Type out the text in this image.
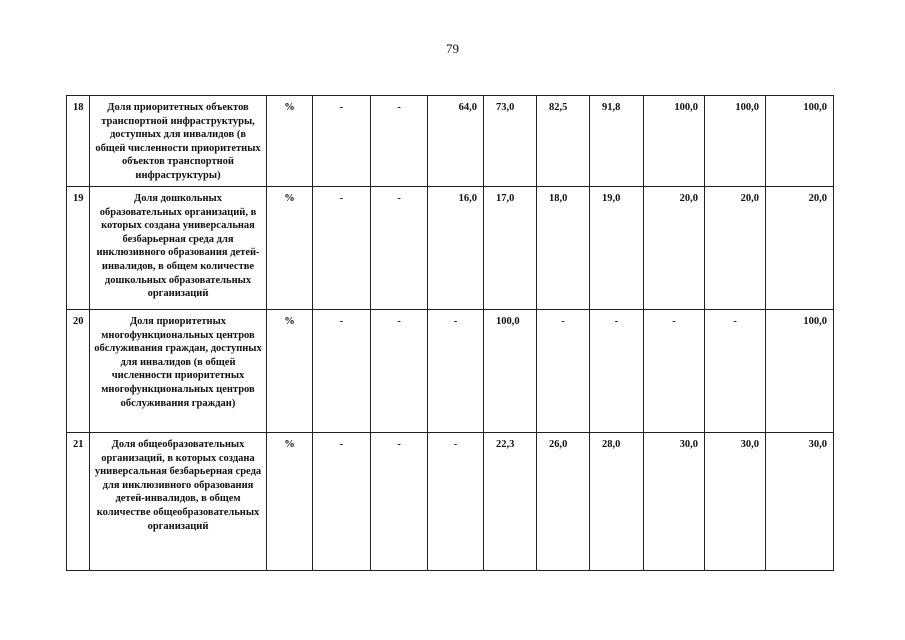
79
18	Доля приоритетных объектов транспортной инфраструктуры, доступных для инвалидов (в общей численности приоритетных объектов транспортной инфраструктуры)	%	-	-	64,0	73,0	82,5	91,8	100,0	100,0	100,0
19	Доля дошкольных образовательных организаций, в которых создана универсальная безбарьерная среда для инклюзивного образования детей-инвалидов, в общем количестве дошкольных образовательных организаций	%	-	-	16,0	17,0	18,0	19,0	20,0	20,0	20,0
20	Доля приоритетных многофункциональных центров обслуживания граждан, доступных для инвалидов (в общей численности приоритетных многофункциональных центров обслуживания граждан)	%	-	-	-	100,0	-	-	-	-	100,0
21	Доля общеобразовательных организаций, в которых создана универсальная безбарьерная среда для инклюзивного образования детей-инвалидов, в общем количестве общеобразовательных организаций	%	-	-	-	22,3	26,0	28,0	30,0	30,0	30,0
